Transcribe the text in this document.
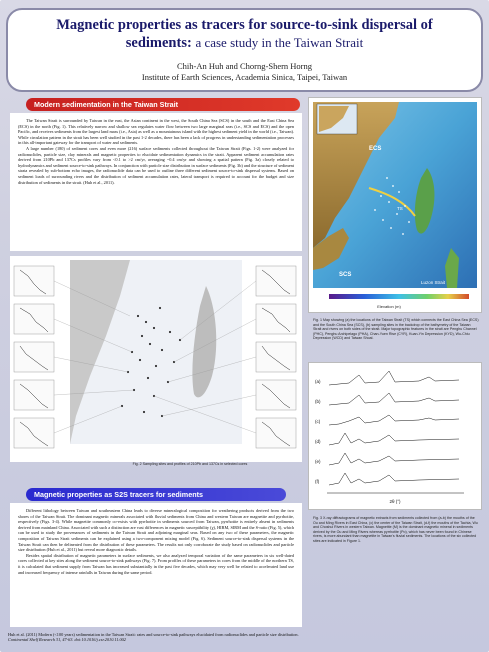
Magnetic properties as tracers for source-to-sink dispersal of
sediments: a case study in the Taiwan Strait
Chih-An Huh and Chorng-Shern Horng
Institute of Earth Sciences, Academia Sinica, Taipei, Taiwan
Modern sedimentation in the Taiwan Strait

The Taiwan Strait is surrounded by Taiwan in the east, the Asian continent in the west, the South China Sea (SCS) in the south and the East China Sea (ECS) in the north (Fig. 1). This relatively narrow and shallow sea regulates water flow between two large marginal seas (i.e., SCS and ECS) and the open Pacific, and receives sediments from the largest land mass (i.e., Asia) as well as a mountainous island with the highest sediment yield in the world (i.e., Taiwan). While circulation pattern in the strait has been well studied in the past 1-2 decades, there has been a lack of progress in understanding sedimentation processes in this all-important gateway for the transport of water and sediments.

A large number (180) of sediment cores and even more (216) surface sediments collected throughout the Taiwan Strait (Figs. 1-2) were analyzed for radionuclides, particle size, clay minerals and magnetic properties to elucidate sedimentation dynamics in the strait. Apparent sediment accumulation rates derived from 210Pb and 137Cs profiles vary from <0.1 to >2 cm/yr, averaging ~0.4 cm/yr and showing a spatial pattern (Fig. 3a) closely related to hydrodynamics and sediment source-to-sink pathways. In conjunction with particle size distribution in surface sediments (Fig. 3b) and the structure of sediment strata revealed by sub-bottom echo images, the radionuclide data can be used to outline three different sediment source-to-sink dispersal systems. Based on sediment loads of surrounding rivers and the distribution of sediment accumulation rates, lateral transport is required to account for the budget and size distribution of sediments in the strait. (Huh et al., 2011).

ECS
SCS
Luzon Strait
TS
Elevation (m)
Fig. 1 Map showing (a) the locations of the Taiwan Strait (TS) which connects the East China Sea (ECS) and the South China Sea (SCS), (b) sampling sites in the backdrop of the bathymetry of the Taiwan Strait and rivers on both sides of the strait. Major topographic features in the strait are Penghu Channel (PHC), Penghu Archipelago (PHA), Chan-Yuen Rise (CYR), Kuan-Yin Depression (KYD), Wu-Chiu Depression (WCD) and Taiwan Shoal.
Fig. 2 Sampling sites and profiles of 210Pb and 137Cs in selected cores
Magnetic properties as S2S tracers for sediments

Different lithology between Taiwan and southeastern China leads to diverse mineralogical composition for weathering products derived from the two shores of the Taiwan Strait. The dominant magnetic minerals associated with fluvial sediments from China and western Taiwan are magnetite and pyrrhotite, respectively (Figs. 3-4). While magnetite commonly co-exists with pyrrhotite in sediments sourced from Taiwan, pyrrhotite is entirely absent in sediments derived from mainland China. Associated with such a distinction are vast differences in magnetic susceptibility (χ), HIRM, SIRM and the S-ratio (Fig. 5), which can be used to study the provenances of sediments in the Taiwan Strait and adjoining marginal seas. Based on any two of these parameters, the magnetic composition of Taiwan Strait sediments can be explained using a two-component mixing model (Fig. 6). Sediment source-to-sink dispersal systems in the Taiwan Strait can then be delineated from the distribution of these parameters. The results not only corroborate the study based on radionuclides and particle size distribution (Huh et al., 2011) but reveal more diagnostic details.

Besides spatial distribution of magnetic parameters in surface sediments, we also analyzed temporal variation of the same parameters in six well-dated cores collected at key sites along the sediment source-to-sink pathways (Fig. 7). From profiles of these parameters in cores from the middle of the northern TS, it is calculated that sediment supply from Taiwan has increased substantially in the past five decades, which may very well be related to accelerated land use and increased frequency of intense rainfalls in Taiwan during the same period.

(a)
(b)
(c)
(d)
(e)
(f)
2θ (°)
Fig. 3 X-ray diffractograms of magnetic extracts from sediments collected from (a-b) the mouths of the Ou and Ming Rivers in East China, (c) the center of the Taiwan Strait, (d-f) the mouths of the Tachia, Wu and Choshui Rivers in western Taiwan. Magnetite (M) is the dominant magnetic mineral in sediments derived by the Ou and Ming Rivers whereas pyrrhotite (Po), which has never been found in Chinese rivers, is more abundant than magnetite in Taiwan's fluvial sediments. The locations of the six collected sites are indicated in Figure 1.
Huh et al. (2011) Modern (<100 years) sedimentation in the Taiwan Strait: rates and source-to-sink pathways elucidated from radionuclides and particle size distribution.
Continental Shelf Research 31, 47-63. doi:10.1016/j.csr.2010.11.002
